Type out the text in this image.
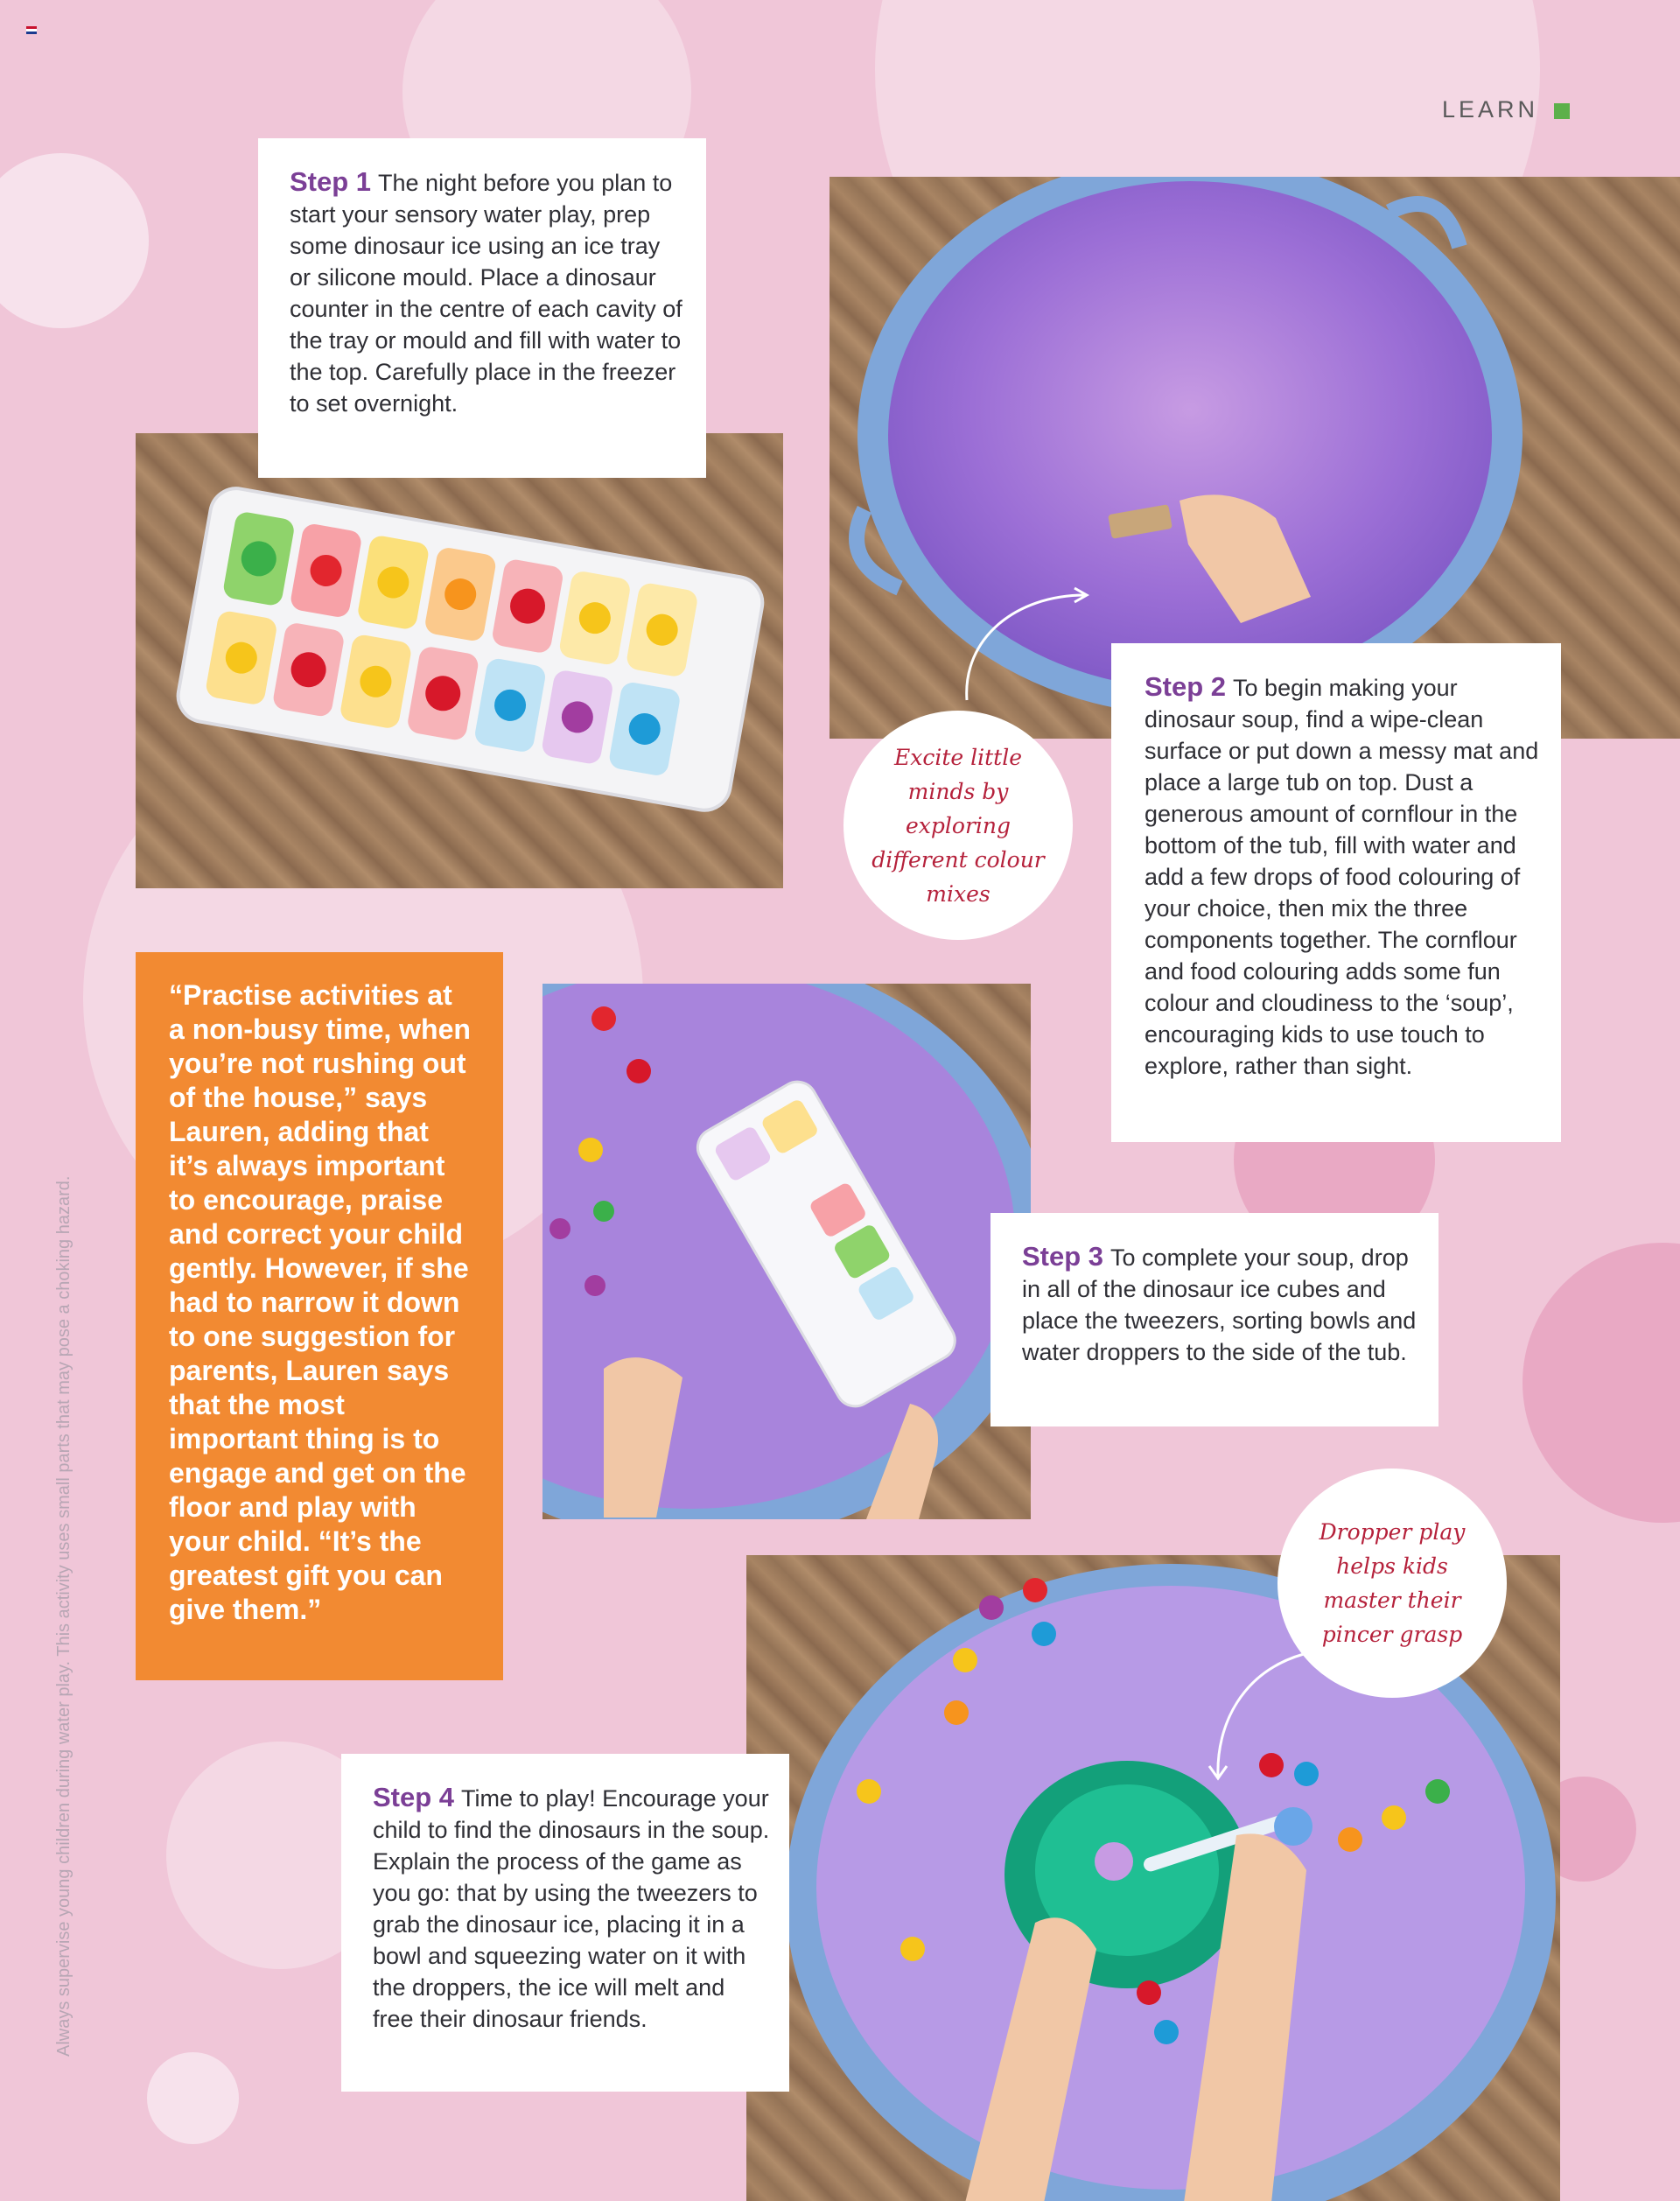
LEARN
Step 1 The night before you plan to start your sensory water play, prep some dinosaur ice using an ice tray or silicone mould. Place a dinosaur counter in the centre of each cavity of the tray or mould and fill with water to the top. Carefully place in the freezer to set overnight.
Step 2 To begin making your dinosaur soup, find a wipe-clean surface or put down a messy mat and place a large tub on top. Dust a generous amount of cornflour in the bottom of the tub, fill with water and add a few drops of food colouring of your choice, then mix the three components together. The cornflour and food colouring adds some fun colour and cloudiness to the ‘soup’, encouraging kids to use touch to explore, rather than sight.
Excite little minds by exploring different colour mixes
“Practise activities at a non-busy time, when you’re not rushing out of the house,” says Lauren, adding that it’s always important to encourage, praise and correct your child gently. However, if she had to narrow it down to one suggestion for parents, Lauren says that the most important thing is to engage and get on the floor and play with your child. “It’s the greatest gift you can give them.”
Step 3 To complete your soup, drop in all of the dinosaur ice cubes and place the tweezers, sorting bowls and water droppers to the side of the tub.
Dropper play helps kids master their pincer grasp
Step 4 Time to play! Encourage your child to find the dinosaurs in the soup. Explain the process of the game as you go: that by using the tweezers to grab the dinosaur ice, placing it in a bowl and squeezing water on it with the droppers, the ice will melt and free their dinosaur friends.
Always supervise young children during water play. This activity uses small parts that may pose a choking hazard.
